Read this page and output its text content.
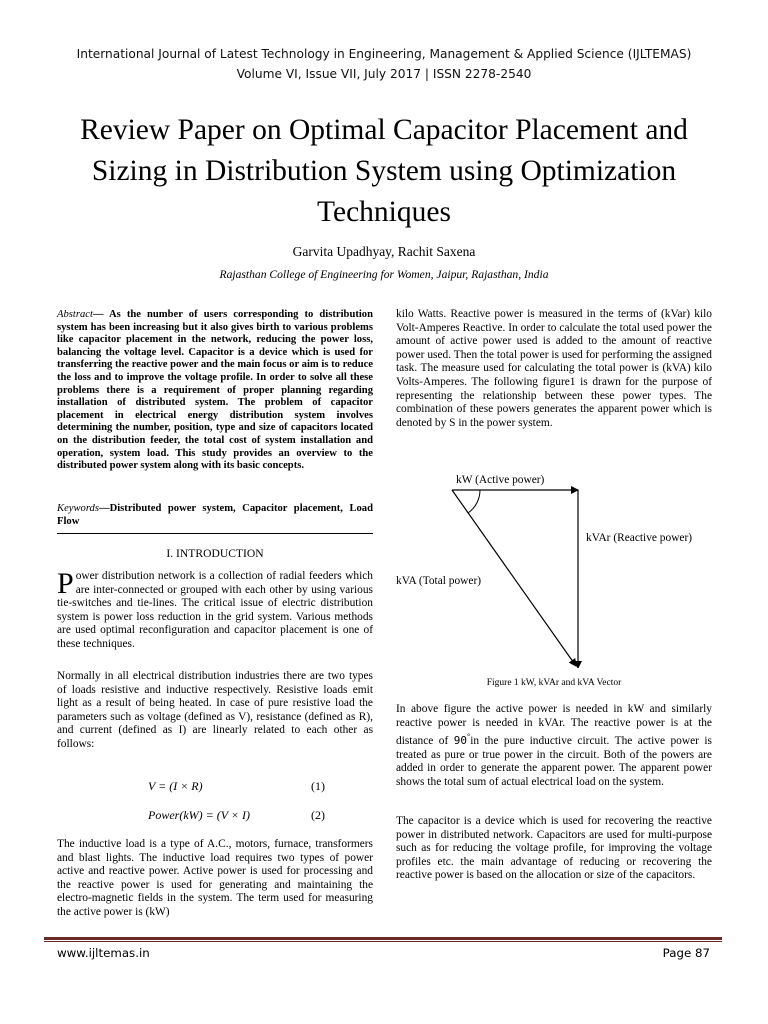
International Journal of Latest Technology in Engineering, Management & Applied Science (IJLTEMAS)
Volume VI, Issue VII, July 2017 | ISSN 2278-2540
Review Paper on Optimal Capacitor Placement and
Sizing in Distribution System using Optimization
Techniques
Garvita Upadhyay, Rachit Saxena
Rajasthan College of Engineering for Women, Jaipur, Rajasthan, India
Abstract— As the number of users corresponding to distribution system has been increasing but it also gives birth to various problems like capacitor placement in the network, reducing the power loss, balancing the voltage level. Capacitor is a device which is used for transferring the reactive power and the main focus or aim is to reduce the loss and to improve the voltage profile. In order to solve all these problems there is a requirement of proper planning regarding installation of distributed system. The problem of capacitor placement in electrical energy distribution system involves determining the number, position, type and size of capacitors located on the distribution feeder, the total cost of system installation and operation, system load. This study provides an overview to the distributed power system along with its basic concepts.
Keywords—Distributed power system, Capacitor placement, Load Flow
I. INTRODUCTION
Power distribution network is a collection of radial feeders which are inter-connected or grouped with each other by using various tie-switches and tie-lines. The critical issue of electric distribution system is power loss reduction in the grid system. Various methods are used optimal reconfiguration and capacitor placement is one of these techniques.
Normally in all electrical distribution industries there are two types of loads resistive and inductive respectively. Resistive loads emit light as a result of being heated. In case of pure resistive load the parameters such as voltage (defined as V), resistance (defined as R), and current (defined as I) are linearly related to each other as follows:
V = (I × R)	(1)
Power(kW) = (V × I)	(2)
The inductive load is a type of A.C., motors, furnace, transformers and blast lights. The inductive load requires two types of power active and reactive power. Active power is used for processing and the reactive power is used for generating and maintaining the electro-magnetic fields in the system. The term used for measuring the active power is (kW)
kilo Watts. Reactive power is measured in the terms of (kVar) kilo Volt-Amperes Reactive. In order to calculate the total used power the amount of active power used is added to the amount of reactive power used. Then the total power is used for performing the assigned task. The measure used for calculating the total power is (kVA) kilo Volts-Amperes. The following figure1 is drawn for the purpose of representing the relationship between these power types. The combination of these powers generates the apparent power which is denoted by S in the power system.
kW (Active power)
kVAr (Reactive power)
kVA (Total power)
Figure 1 kW, kVAr and kVA Vector
In above figure the active power is needed in kW and similarly reactive power is needed in kVAr. The reactive power is at the distance of 90°in the pure inductive circuit. The active power is treated as pure or true power in the circuit. Both of the powers are added in order to generate the apparent power. The apparent power shows the total sum of actual electrical load on the system.
The capacitor is a device which is used for recovering the reactive power in distributed network. Capacitors are used for multi-purpose such as for reducing the voltage profile, for improving the voltage profiles etc. the main advantage of reducing or recovering the reactive power is based on the allocation or size of the capacitors.
www.ijltemas.in	Page 87
